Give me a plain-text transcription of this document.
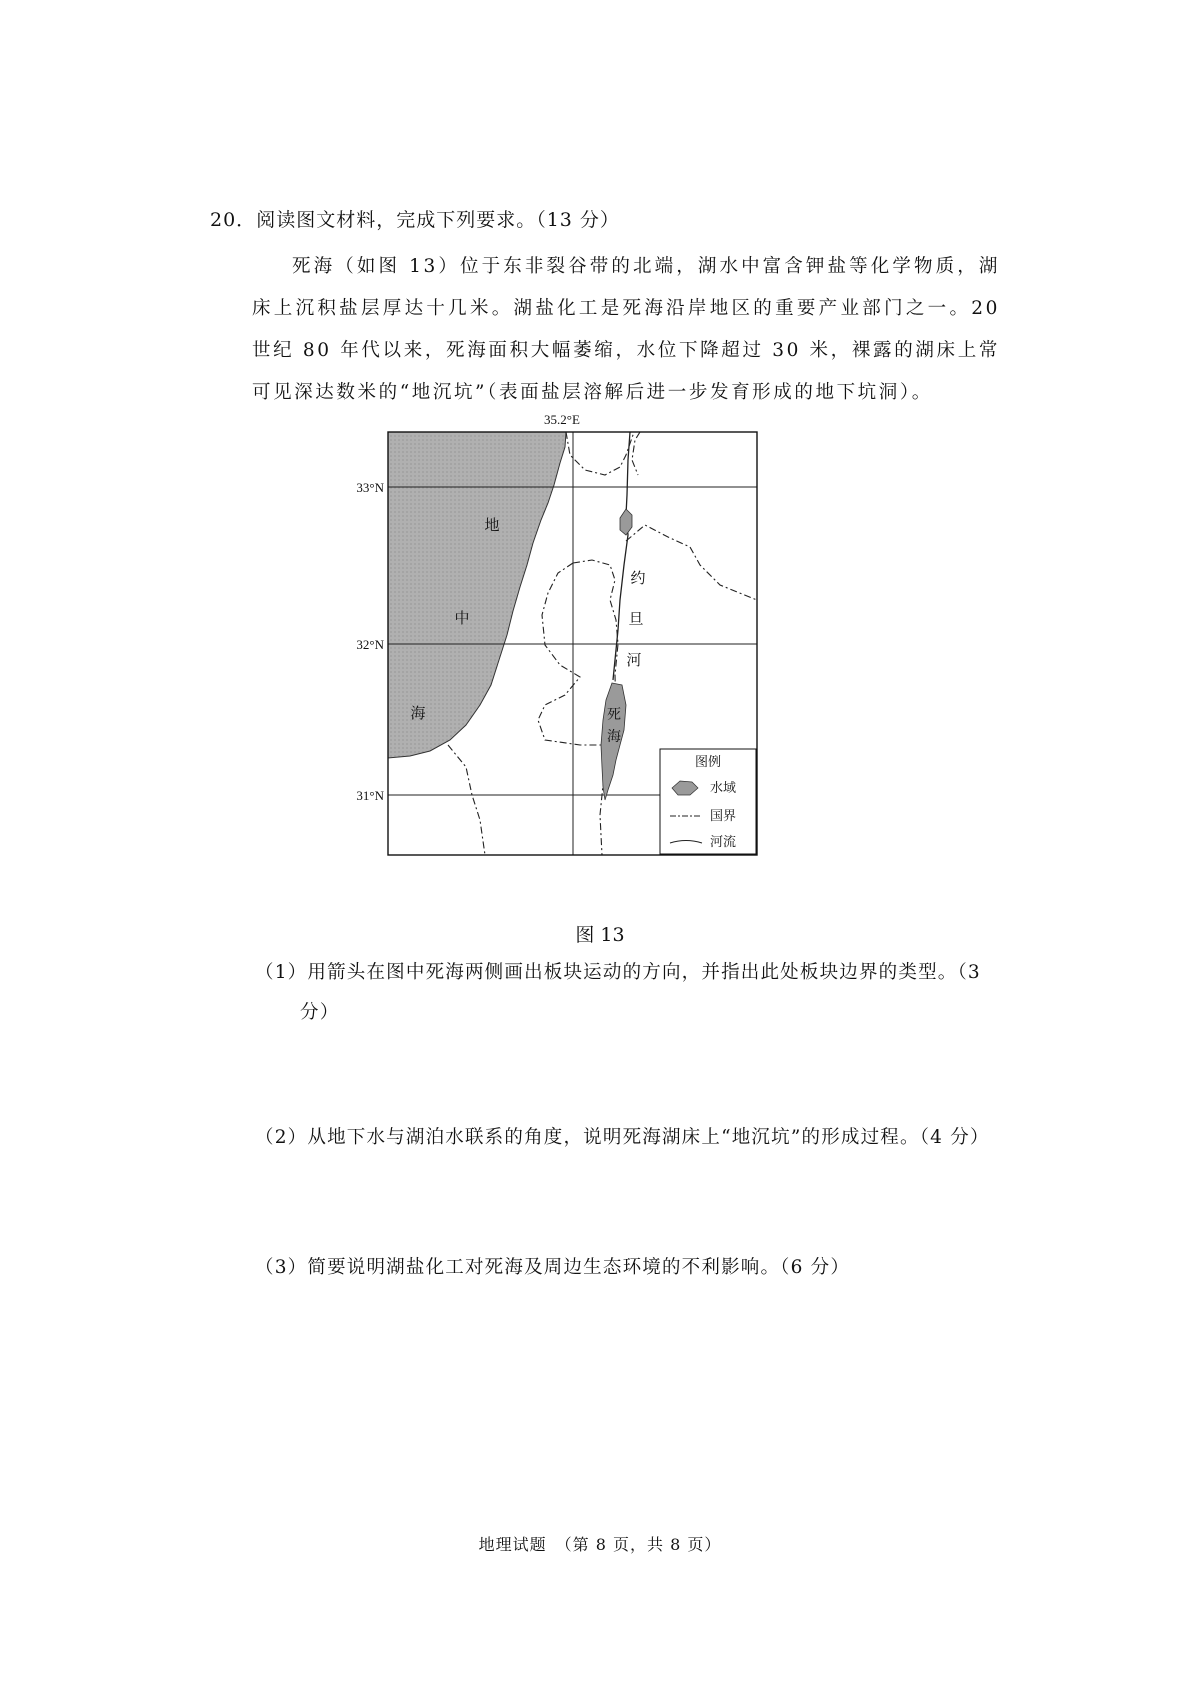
20．阅读图文材料，完成下列要求。（13 分）

死海（如图 13）位于东非裂谷带的北端，湖水中富含钾盐等化学物质，湖床上沉积盐层厚达十几米。湖盐化工是死海沿岸地区的重要产业部门之一。20 世纪 80 年代以来，死海面积大幅萎缩，水位下降超过 30 米，裸露的湖床上常可见深达数米的“地沉坑”（表面盐层溶解后进一步发育形成的地下坑洞）。

35.2°E
33°N
32°N
31°N
地
中
海
约
旦
河
死
海
图例
水域
国界
河流
图 13

（1）用箭头在图中死海两侧画出板块运动的方向，并指出此处板块边界的类型。（3
分）

（2）从地下水与湖泊水联系的角度，说明死海湖床上“地沉坑”的形成过程。（4 分）

（3）简要说明湖盐化工对死海及周边生态环境的不利影响。（6 分）

地理试题　（第 8 页，共 8 页）
